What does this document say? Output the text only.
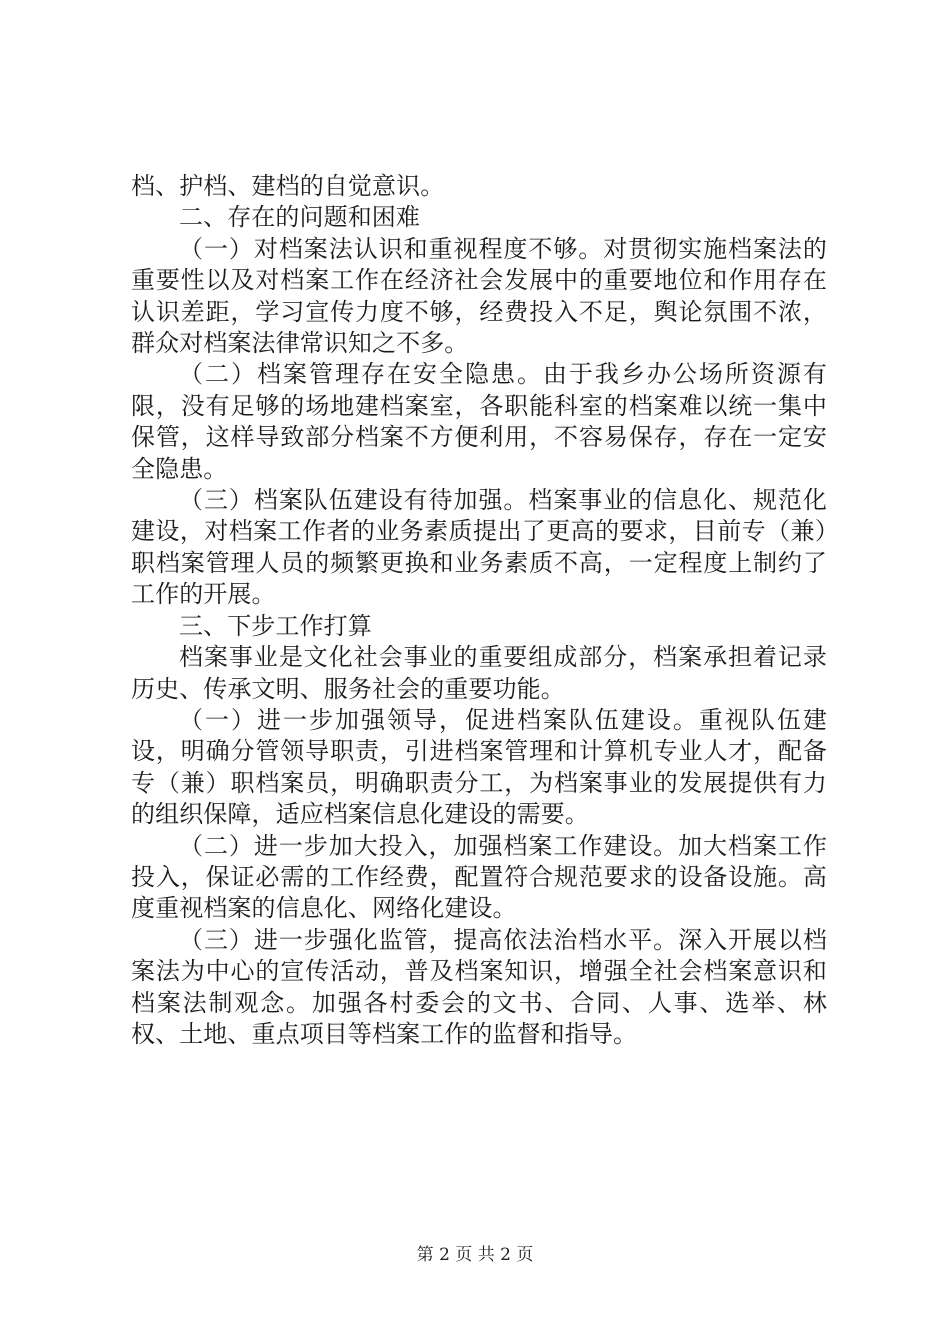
档、护档、建档的自觉意识。

二、存在的问题和困难

（一）对档案法认识和重视程度不够。对贯彻实施档案法的重要性以及对档案工作在经济社会发展中的重要地位和作用存在认识差距，学习宣传力度不够，经费投入不足，舆论氛围不浓，群众对档案法律常识知之不多。

（二）档案管理存在安全隐患。由于我乡办公场所资源有限，没有足够的场地建档案室，各职能科室的档案难以统一集中保管，这样导致部分档案不方便利用，不容易保存，存在一定安全隐患。

（三）档案队伍建设有待加强。档案事业的信息化、规范化建设，对档案工作者的业务素质提出了更高的要求，目前专（兼）职档案管理人员的频繁更换和业务素质不高，一定程度上制约了工作的开展。

三、下步工作打算

档案事业是文化社会事业的重要组成部分，档案承担着记录历史、传承文明、服务社会的重要功能。

（一）进一步加强领导，促进档案队伍建设。重视队伍建设，明确分管领导职责，引进档案管理和计算机专业人才，配备专（兼）职档案员，明确职责分工，为档案事业的发展提供有力的组织保障，适应档案信息化建设的需要。

（二）进一步加大投入，加强档案工作建设。加大档案工作投入，保证必需的工作经费，配置符合规范要求的设备设施。高度重视档案的信息化、网络化建设。

（三）进一步强化监管，提高依法治档水平。深入开展以档案法为中心的宣传活动，普及档案知识，增强全社会档案意识和档案法制观念。加强各村委会的文书、合同、人事、选举、林权、土地、重点项目等档案工作的监督和指导。

第 2 页 共 2 页
